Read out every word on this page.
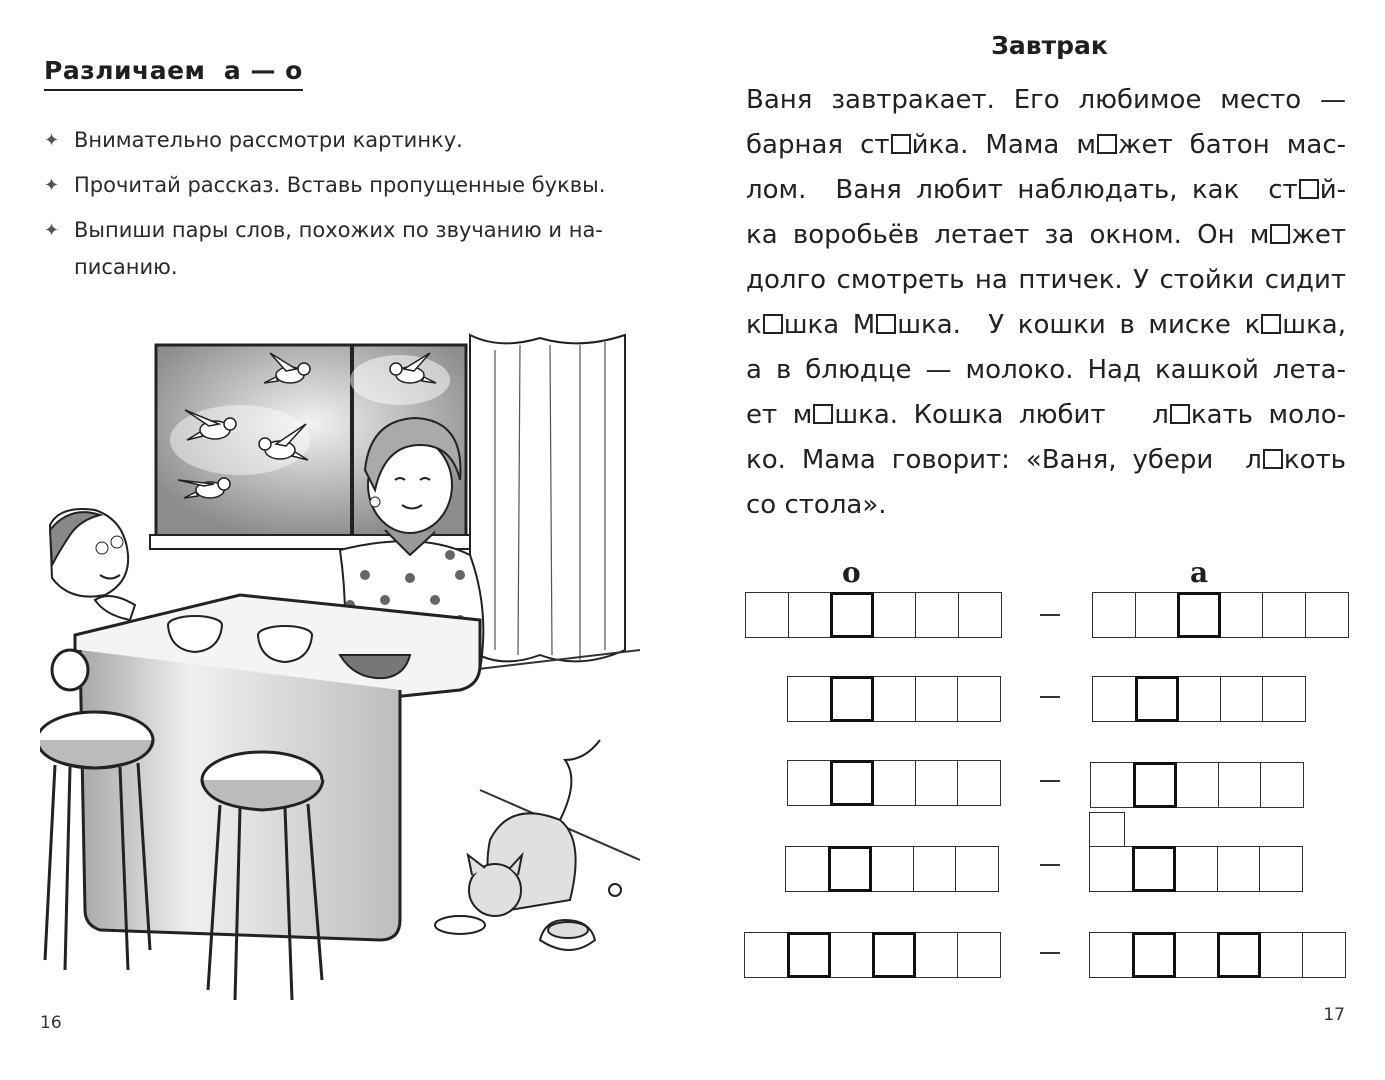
Различаем  а — о
✦ Внимательно рассмотри картинку.
✦ Прочитай рассказ. Вставь пропущенные буквы.
✦ Выпиши пары слов, похожих по звучанию и на-
писанию.
16
Завтрак
Ваня завтракает. Его любимое место —
барная ст йка. Мама м жет батон мас-
лом.  Ваня любит наблюдать, как  ст й-
ка воробьёв летает за окном. Он м жет
долго смотреть на птичек. У стойки сидит
к шка М шка.  У кошки в миске к шка,
а в блюдце — молоко. Над кашкой лета-
ет м шка. Кошка любит   л кать моло-
ко. Мама говорит: «Ваня, убери  л коть
со стола».
о	а
17
